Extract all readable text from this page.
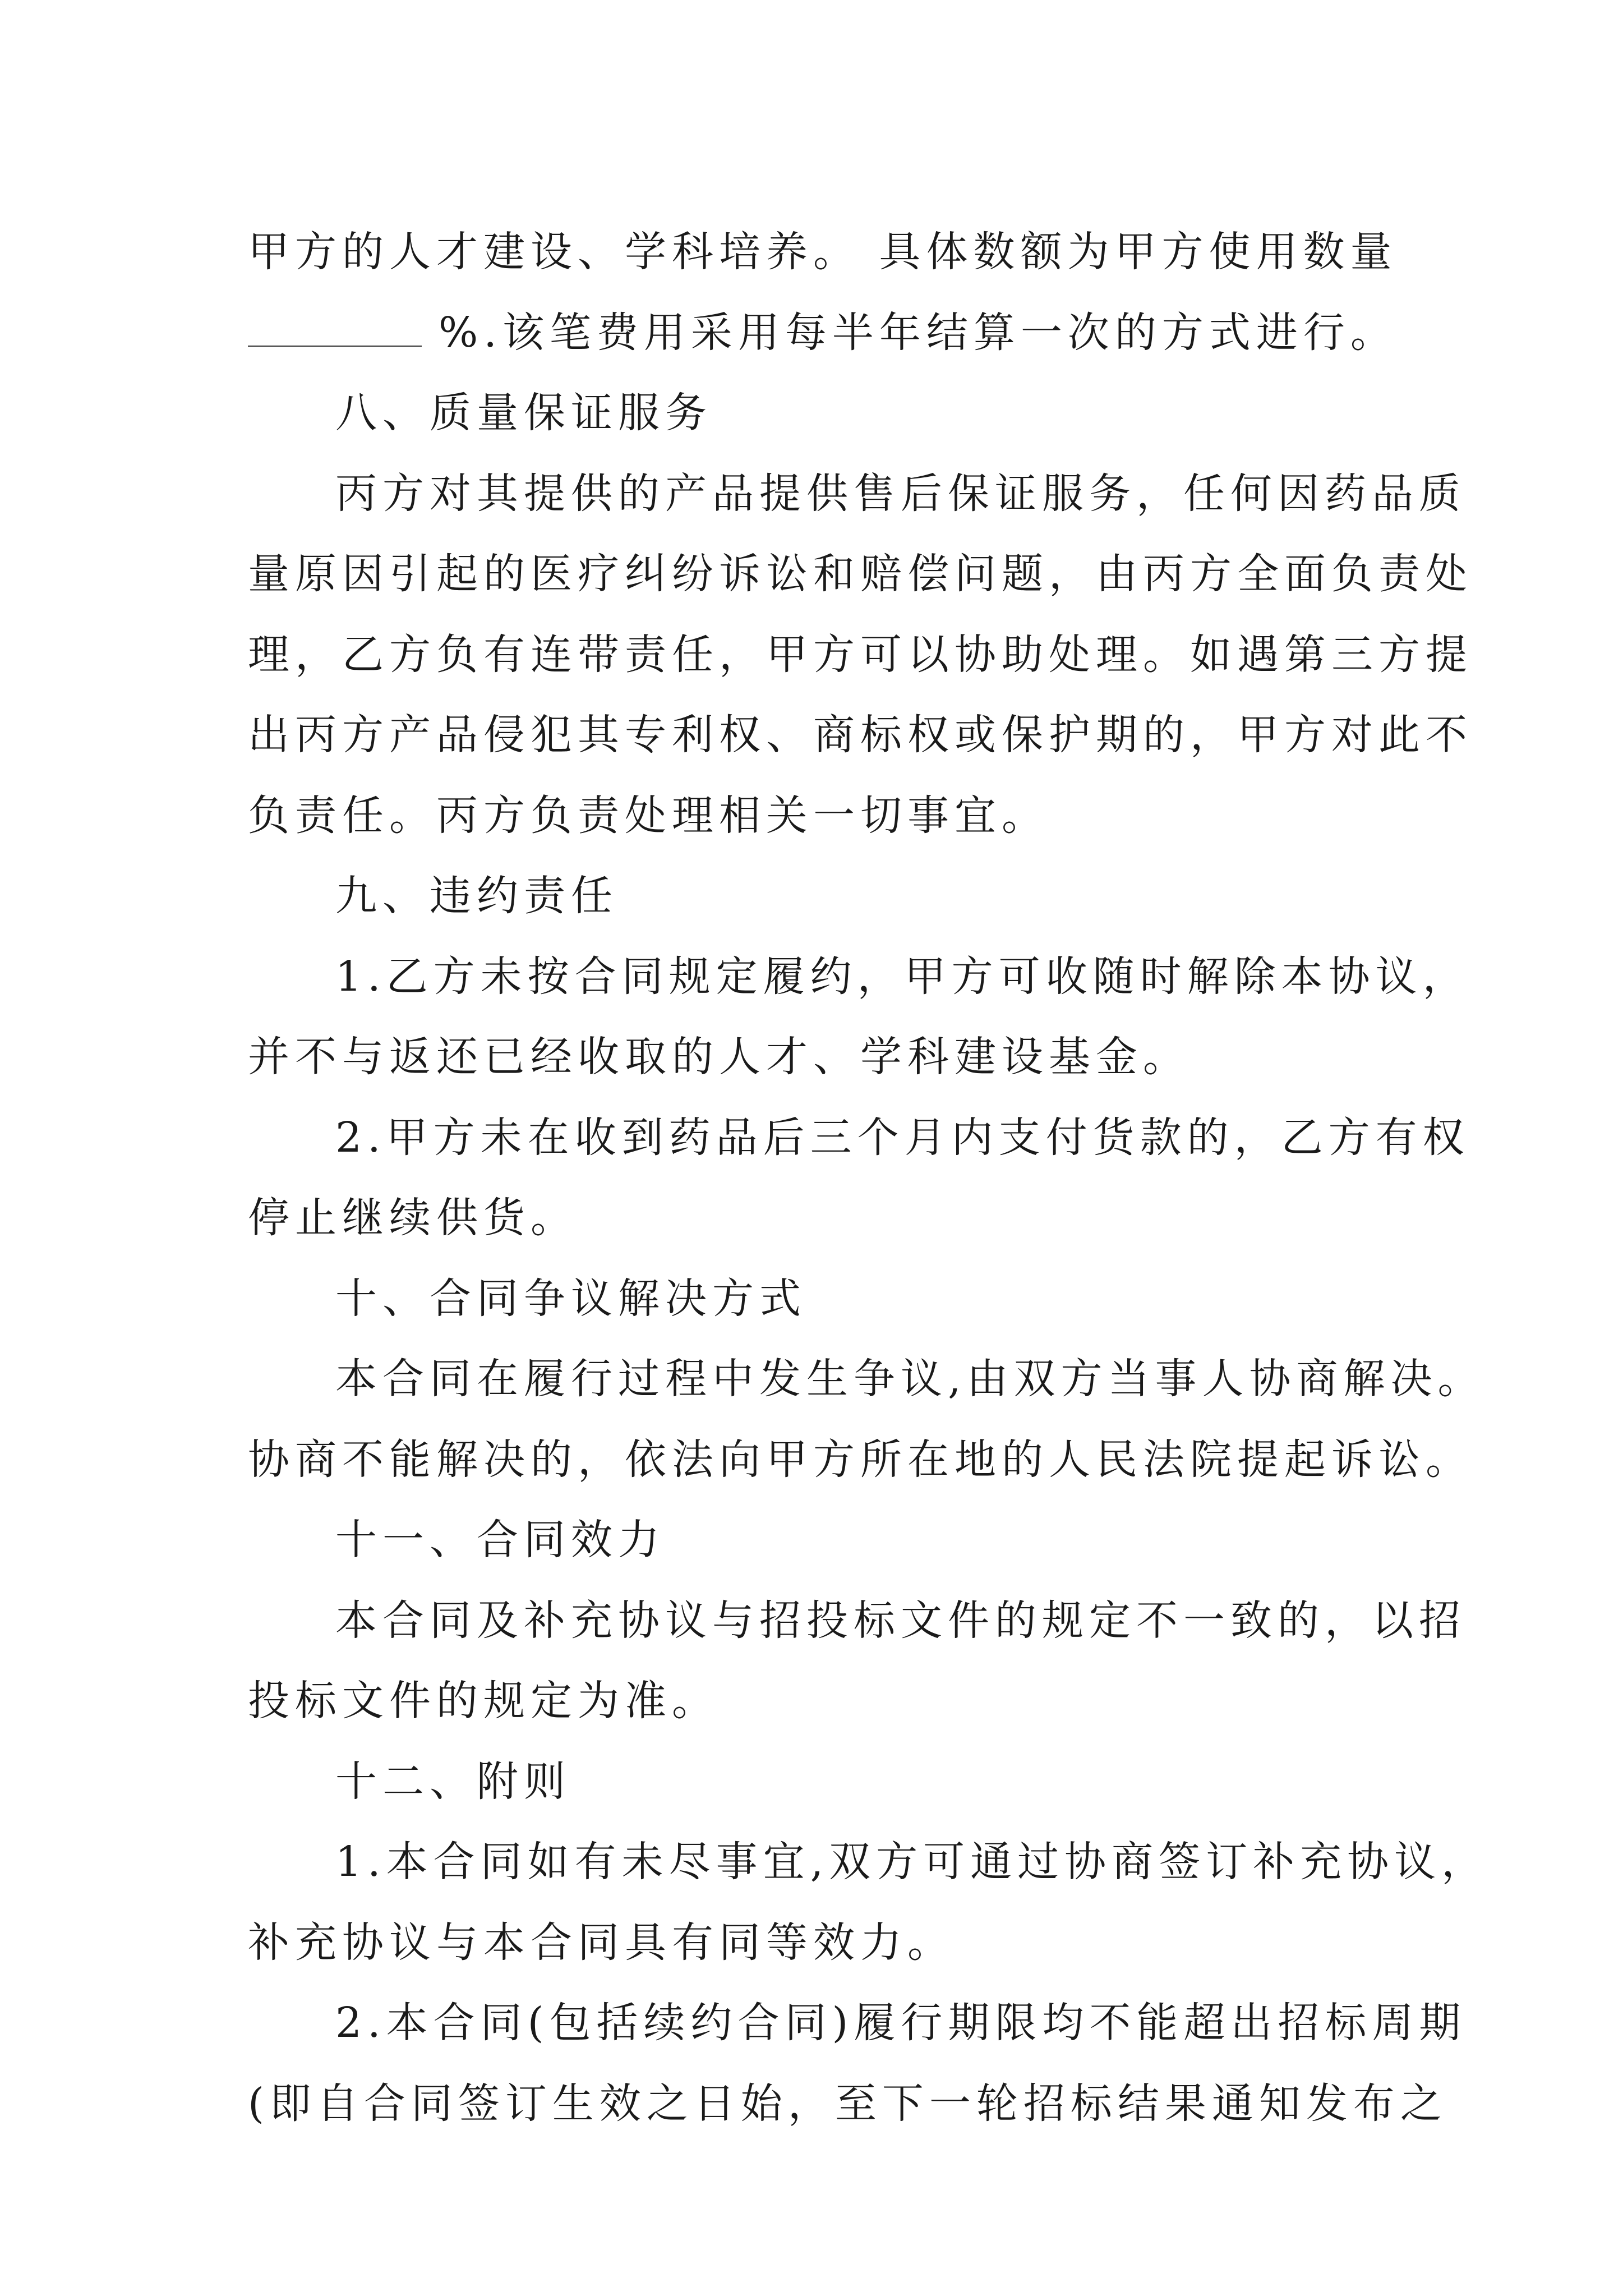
甲方的人才建设、学科培养。 具体数额为甲方使用数量
%.该笔费用采用每半年结算一次的方式进行。
八、质量保证服务
丙方对其提供的产品提供售后保证服务，任何因药品质
量原因引起的医疗纠纷诉讼和赔偿问题，由丙方全面负责处
理，乙方负有连带责任，甲方可以协助处理。如遇第三方提
出丙方产品侵犯其专利权、商标权或保护期的，甲方对此不
负责任。丙方负责处理相关一切事宜。
九、违约责任
1.乙方未按合同规定履约，甲方可收随时解除本协议，
并不与返还已经收取的人才、学科建设基金。
2.甲方未在收到药品后三个月内支付货款的，乙方有权
停止继续供货。
十、合同争议解决方式
本合同在履行过程中发生争议,由双方当事人协商解决。
协商不能解决的，依法向甲方所在地的人民法院提起诉讼。
十一、合同效力
本合同及补充协议与招投标文件的规定不一致的，以招
投标文件的规定为准。
十二、附则
1.本合同如有未尽事宜,双方可通过协商签订补充协议，
补充协议与本合同具有同等效力。
2.本合同(包括续约合同)履行期限均不能超出招标周期
(即自合同签订生效之日始，至下一轮招标结果通知发布之
